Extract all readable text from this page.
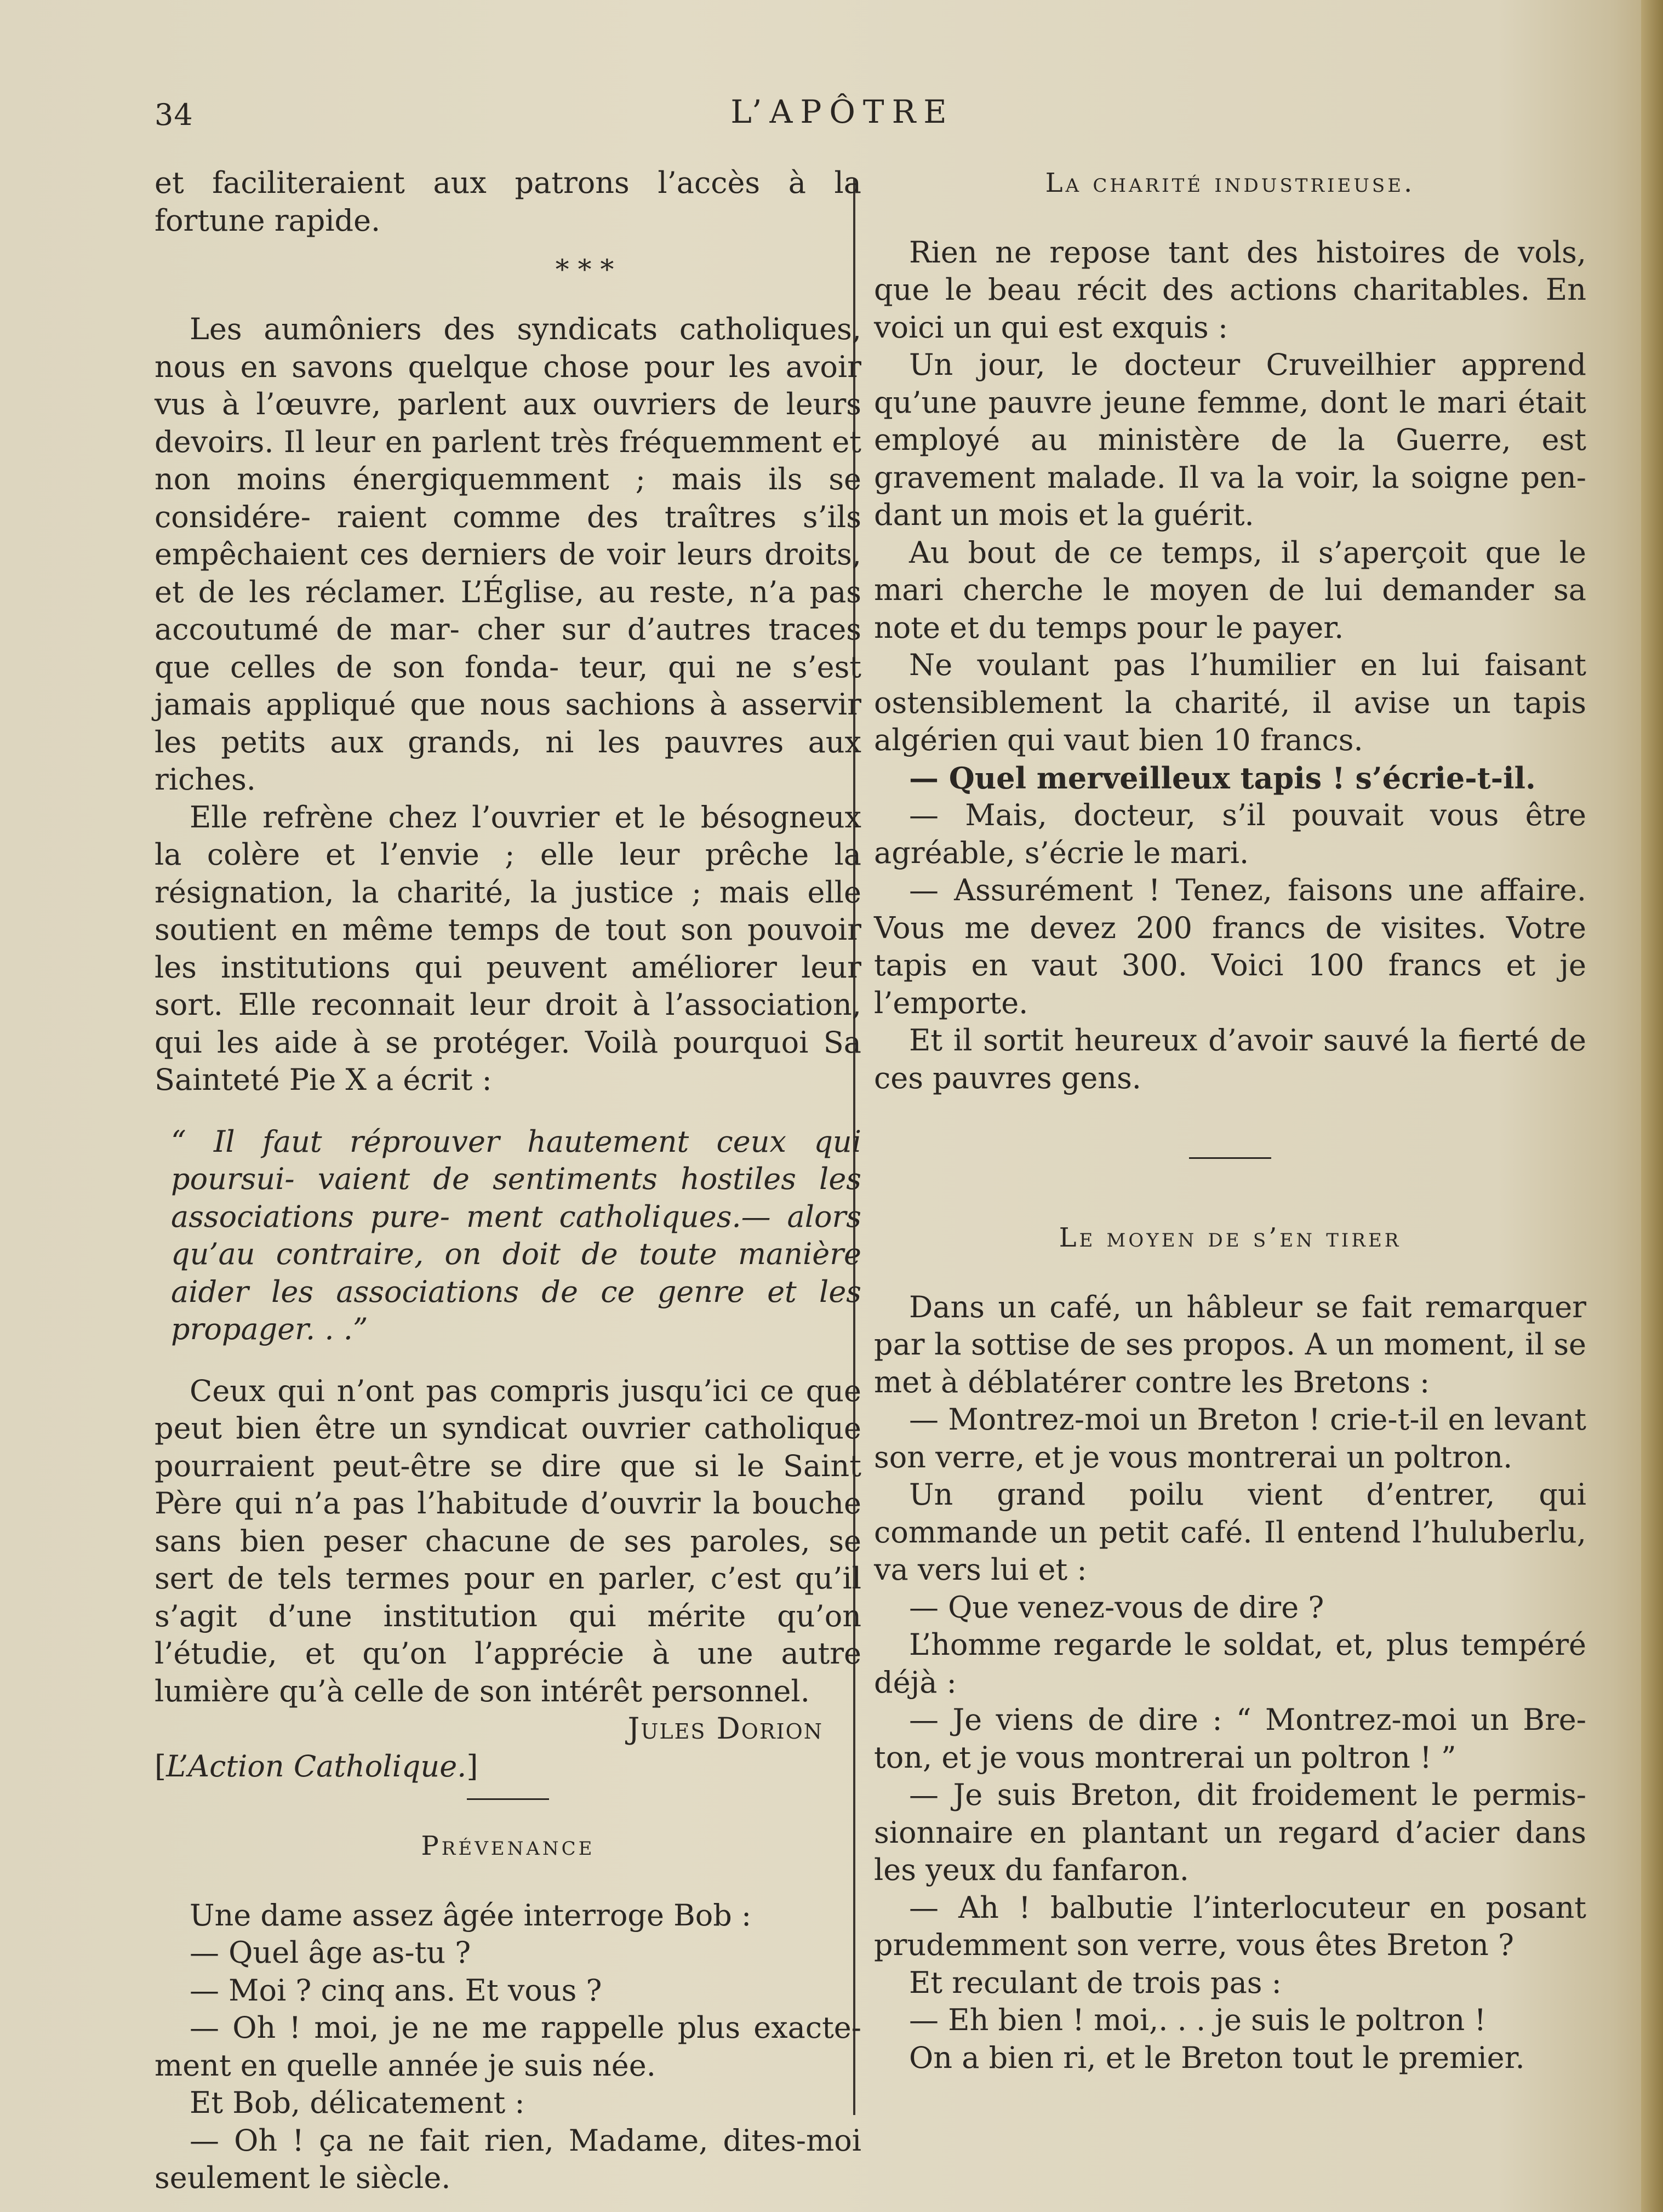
34	L’APÔTRE

et faciliteraient aux patrons l’accès à la fortune rapide.

* * *

Les aumôniers des syndicats catholiques, nous en savons quelque chose pour les avoir vus à l’œuvre, parlent aux ouvriers de leurs devoirs. Il leur en parlent très fréquemment et non moins énergiquemment ; mais ils se considére- raient comme des traîtres s’ils empêchaient ces derniers de voir leurs droits, et de les réclamer. L’Église, au reste, n’a pas accoutumé de mar- cher sur d’autres traces que celles de son fonda- teur, qui ne s’est jamais appliqué que nous sachions à asservir les petits aux grands, ni les pauvres aux riches.

Elle refrène chez l’ouvrier et le bésogneux la colère et l’envie ; elle leur prêche la résignation, la charité, la justice ; mais elle soutient en même temps de tout son pouvoir les institutions qui peuvent améliorer leur sort. Elle reconnait leur droit à l’association, qui les aide à se protéger. Voilà pourquoi Sa Sainteté Pie X a écrit :

“ Il faut réprouver hautement ceux qui poursui- vaient de sentiments hostiles les associations pure- ment catholiques.— alors qu’au contraire, on doit de toute manière aider les associations de ce genre et les propager. . .”

Ceux qui n’ont pas compris jusqu’ici ce que peut bien être un syndicat ouvrier catholique pourraient peut-être se dire que si le Saint Père qui n’a pas l’habitude d’ouvrir la bouche sans bien peser chacune de ses paroles, se sert de tels termes pour en parler, c’est qu’il s’agit d’une institution qui mérite qu’on l’étudie, et qu’on l’apprécie à une autre lumière qu’à celle de son intérêt personnel.

Jules Dorion

[L’Action Catholique.]

Prévenance

Une dame assez âgée interroge Bob :

— Quel âge as-tu ?

— Moi ? cinq ans. Et vous ?

— Oh ! moi, je ne me rappelle plus exacte- ment en quelle année je suis née.

Et Bob, délicatement :

— Oh ! ça ne fait rien, Madame, dites-moi seulement le siècle.

La charité industrieuse.

Rien ne repose tant des histoires de vols, que le beau récit des actions charitables. En voici un qui est exquis :

Un jour, le docteur Cruveilhier apprend qu’une pauvre jeune femme, dont le mari était employé au ministère de la Guerre, est gravement malade. Il va la voir, la soigne pen- dant un mois et la guérit.

Au bout de ce temps, il s’aperçoit que le mari cherche le moyen de lui demander sa note et du temps pour le payer.

Ne voulant pas l’humilier en lui faisant ostensiblement la charité, il avise un tapis algérien qui vaut bien 10 francs.

— Quel merveilleux tapis ! s’écrie-t-il.

— Mais, docteur, s’il pouvait vous être agréable, s’écrie le mari.

— Assurément ! Tenez, faisons une affaire. Vous me devez 200 francs de visites. Votre tapis en vaut 300. Voici 100 francs et je l’emporte.

Et il sortit heureux d’avoir sauvé la fierté de ces pauvres gens.

Le moyen de s’en tirer

Dans un café, un hâbleur se fait remarquer par la sottise de ses propos. A un moment, il se met à déblatérer contre les Bretons :

— Montrez-moi un Breton ! crie-t-il en levant son verre, et je vous montrerai un poltron.

Un grand poilu vient d’entrer, qui commande un petit café. Il entend l’huluberlu, va vers lui et :

— Que venez-vous de dire ?

L’homme regarde le soldat, et, plus tempéré déjà :

— Je viens de dire : “ Montrez-moi un Bre- ton, et je vous montrerai un poltron ! ”

— Je suis Breton, dit froidement le permis- sionnaire en plantant un regard d’acier dans les yeux du fanfaron.

— Ah ! balbutie l’interlocuteur en posant prudemment son verre, vous êtes Breton ?

Et reculant de trois pas :

— Eh bien ! moi,. . . je suis le poltron !

On a bien ri, et le Breton tout le premier.
